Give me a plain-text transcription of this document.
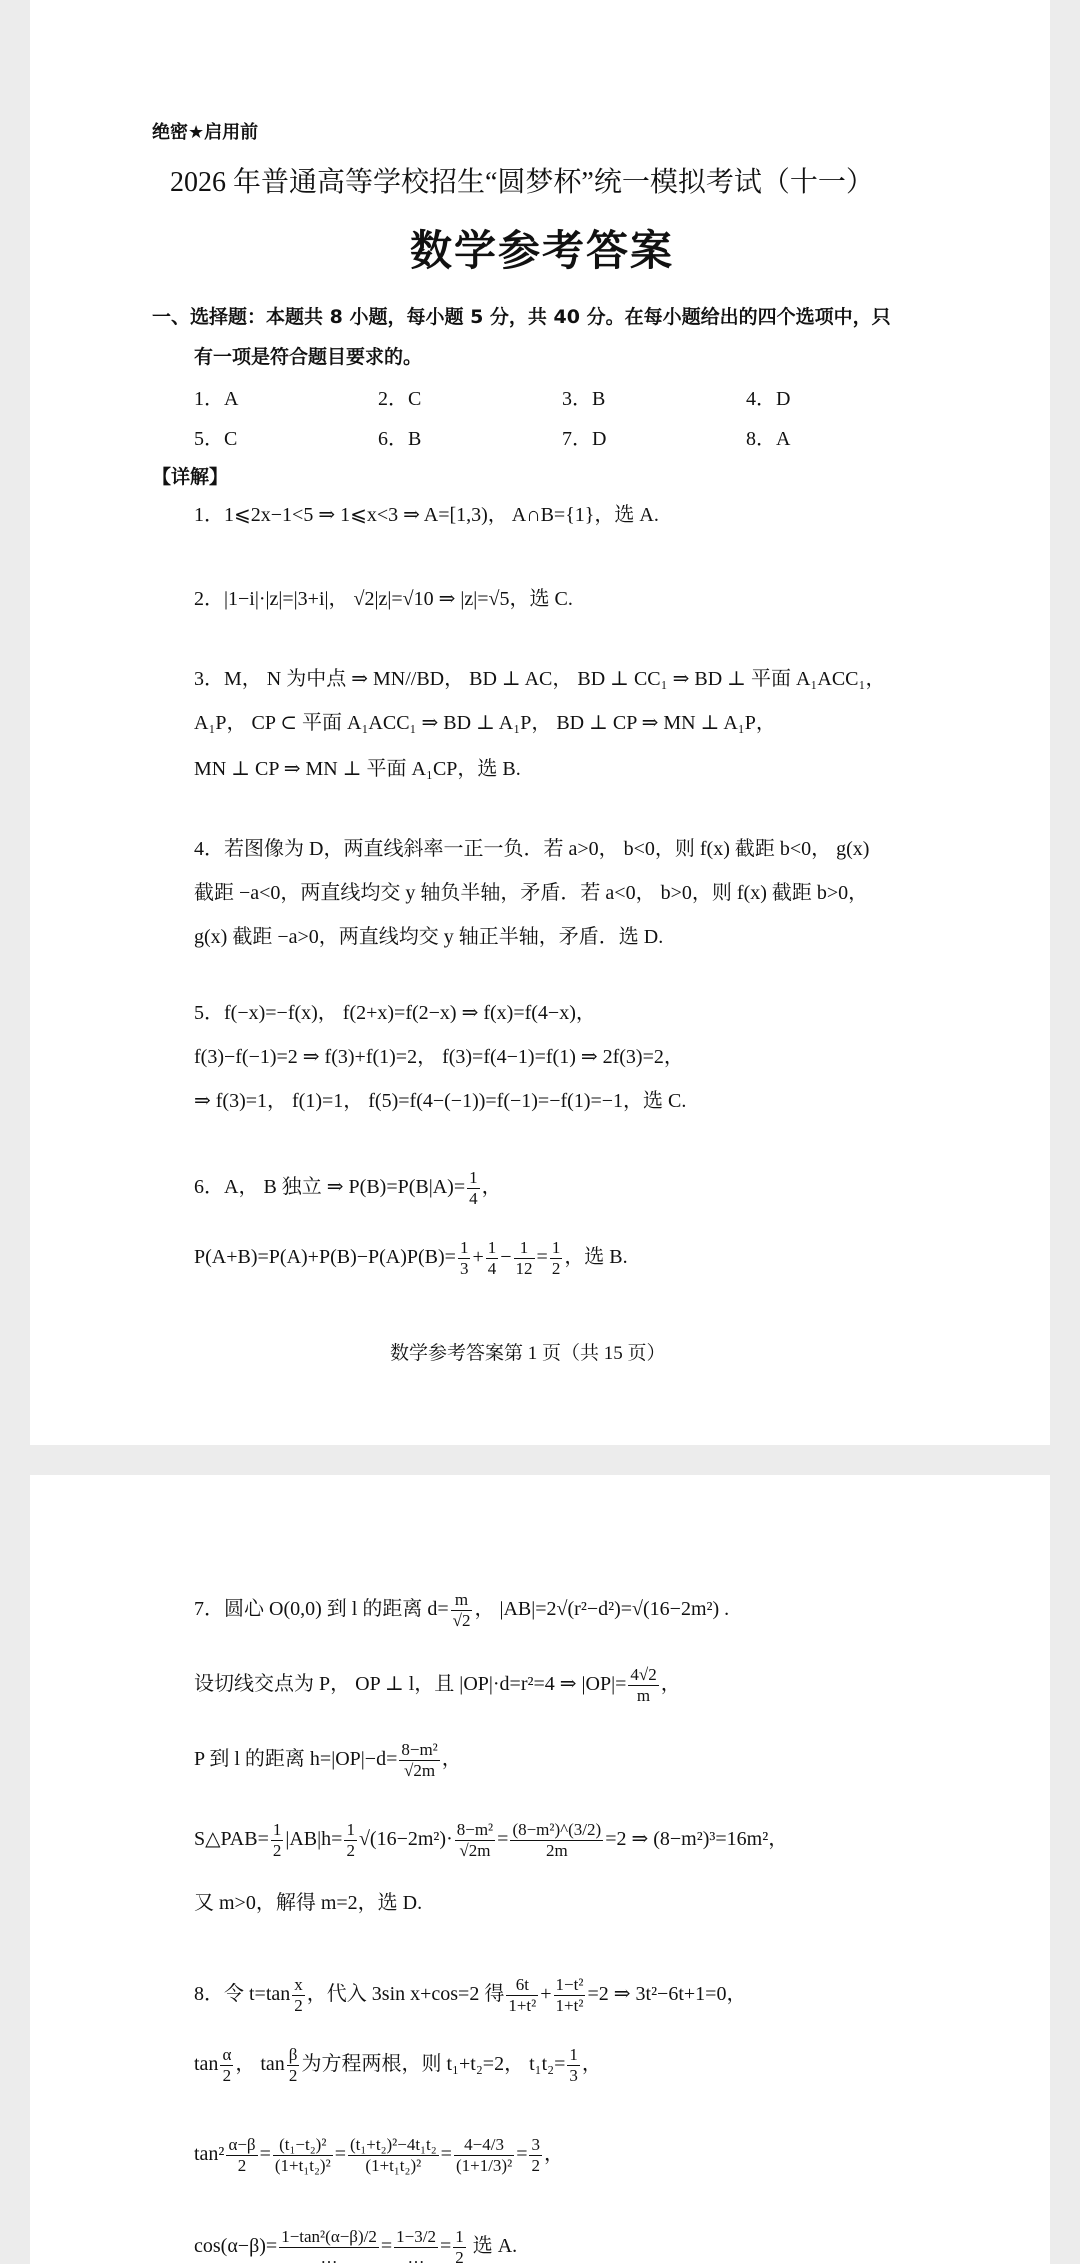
绝密★启用前
2026 年普通高等学校招生“圆梦杯”统一模拟考试（十一）
数学参考答案
一、选择题：本题共 8 小题，每小题 5 分，共 40 分。在每小题给出的四个选项中，只
有一项是符合题目要求的。
1．A	2．C	3．B	4．D
5．C	6．B	7．D	8．A
【详解】
1．1⩽2x−1<5 ⇒ 1⩽x<3 ⇒ A=[1,3)， A∩B={1}，选 A.
2．|1−i|·|z|=|3+i|， √2|z|=√10 ⇒ |z|=√5，选 C.
3．M， N 为中点 ⇒ MN//BD， BD ⊥ AC， BD ⊥ CC₁ ⇒ BD ⊥ 平面 A₁ACC₁，
A₁P， CP ⊂ 平面 A₁ACC₁ ⇒ BD ⊥ A₁P， BD ⊥ CP ⇒ MN ⊥ A₁P，
MN ⊥ CP ⇒ MN ⊥ 平面 A₁CP，选 B.
4．若图像为 D，两直线斜率一正一负．若 a>0， b<0，则 f(x) 截距 b<0， g(x)
截距 −a<0，两直线均交 y 轴负半轴，矛盾．若 a<0， b>0，则 f(x) 截距 b>0，
g(x) 截距 −a>0，两直线均交 y 轴正半轴，矛盾．选 D.
5．f(−x)=−f(x)， f(2+x)=f(2−x) ⇒ f(x)=f(4−x)，
f(3)−f(−1)=2 ⇒ f(3)+f(1)=2， f(3)=f(4−1)=f(1) ⇒ 2f(3)=2，
⇒ f(3)=1， f(1)=1， f(5)=f(4−(−1))=f(−1)=−f(1)=−1，选 C.
6．A， B 独立 ⇒ $P(B)=P(B|A)= \frac{1}{4}$ ，
$P(A+B)=P(A)+P(B)-P(A)P(B)= \frac{1}{3} + \frac{1}{4} - \frac{1}{12} = \frac{1}{2}$ ，选 B.
数学参考答案第 1 页（共 15 页）
7．圆心 O(0,0) 到 l 的距离 $d= \frac{m}{√2}$ ， |AB|=2√(r²−d²)=√(16−2m²) .
设切线交点为 P， OP ⊥ l，且 |OP|·d=r²=4 ⇒ $|OP|= \frac{4√2}{m}$ ，
P 到 l 的距离 $h=|OP|-d= \frac{\text{8−m²}}{√2m}$ ，
S△PAB= $\frac{1}{2} |AB|h= \frac{1}{2} √(16-2m^2)\cdot \frac{\text{8−m²}}{√2m} = \frac{\text{(8−m²)\textasciicircum{}(3/2)}}{2m} =2$ ⇒ (8−m²)³=16m²，
又 m>0，解得 m=2，选 D.
8．令 $t=\tan \frac{x}{2}$ ，代入 3sin x+cos=2 得 $\frac{6t}{\text{1+t²}} + \frac{\text{1−t²}}{\text{1+t²}} =2$ ⇒ 3t²−6t+1=0，
$\tan \frac{\alpha}{2}$ ， $\tan \frac{\beta}{2}$ 为方程两根，则 t₁+t₂=2， $t_1t_2= \frac{1}{3}$ ，
$\tan^2 \frac{\alpha-\beta}{2} = \frac{\text{(t₁−t₂)²}}{\text{(1+t₁t₂)²}} = \frac{\text{(t₁+t₂)²−4t₁t₂}}{\text{(1+t₁t₂)²}} = \frac{4-4/3}{\text{(1+1/3)²}} = \frac{3}{2}$ ，
$\cos(\alpha-\beta)= \frac{\text{1−tan²(α−β)/2}}{\dots} = \frac{1-3/2}{\dots} = \frac{1}{2}$ 选 A.
